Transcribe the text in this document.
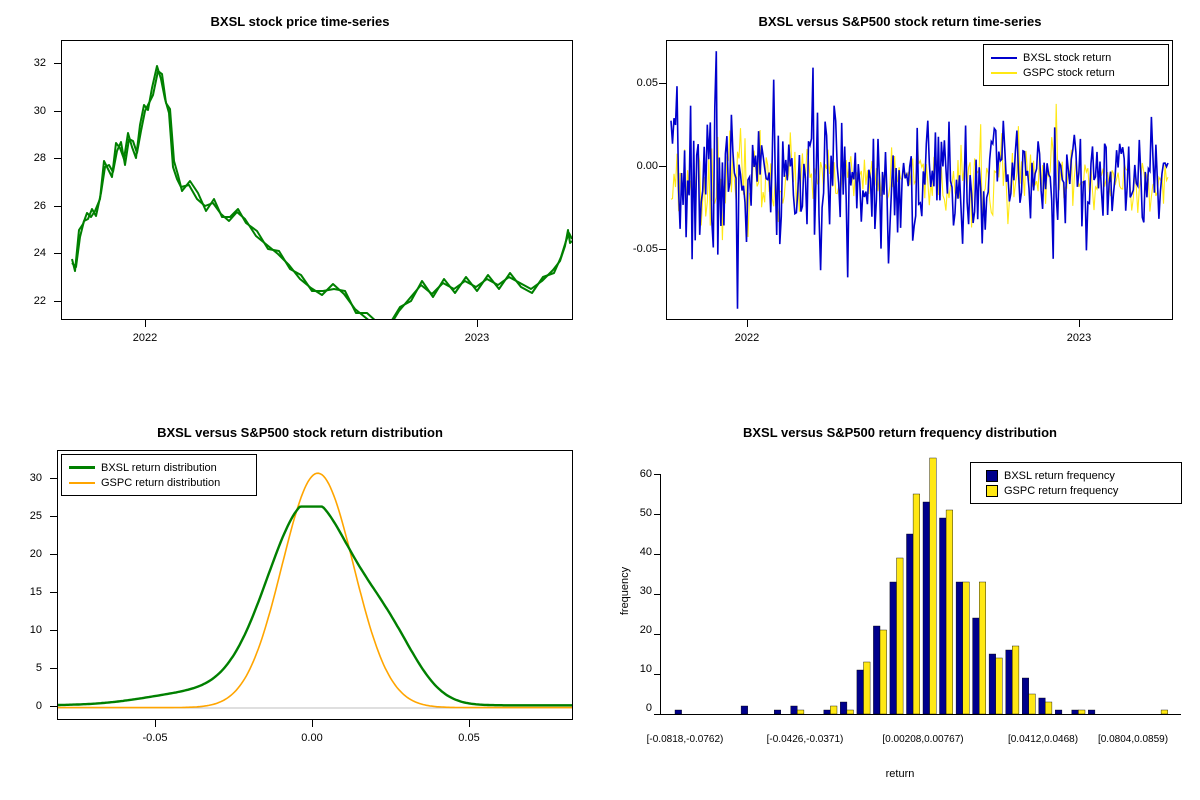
BXSL stock price time-series
22
24
26
28
30
32
2022	2023
BXSL versus S&P500 stock return time-series
-0.05
0.00
0.05
BXSL stock return
GSPC stock return
2022	2023
BXSL versus S&P500 stock return distribution
0
5
10
15
20
25
30
BXSL return distribution
GSPC return distribution
-0.05	0.00	0.05
BXSL versus S&P500 return frequency distribution
frequency
0
10
20
30
40
50
60	BXSL return frequency
GSPC return frequency
[-0.0818,-0.0762)	[-0.0426,-0.0371)	[0.00208,0.00767)	[0.0412,0.0468)	[0.0804,0.0859)
return
